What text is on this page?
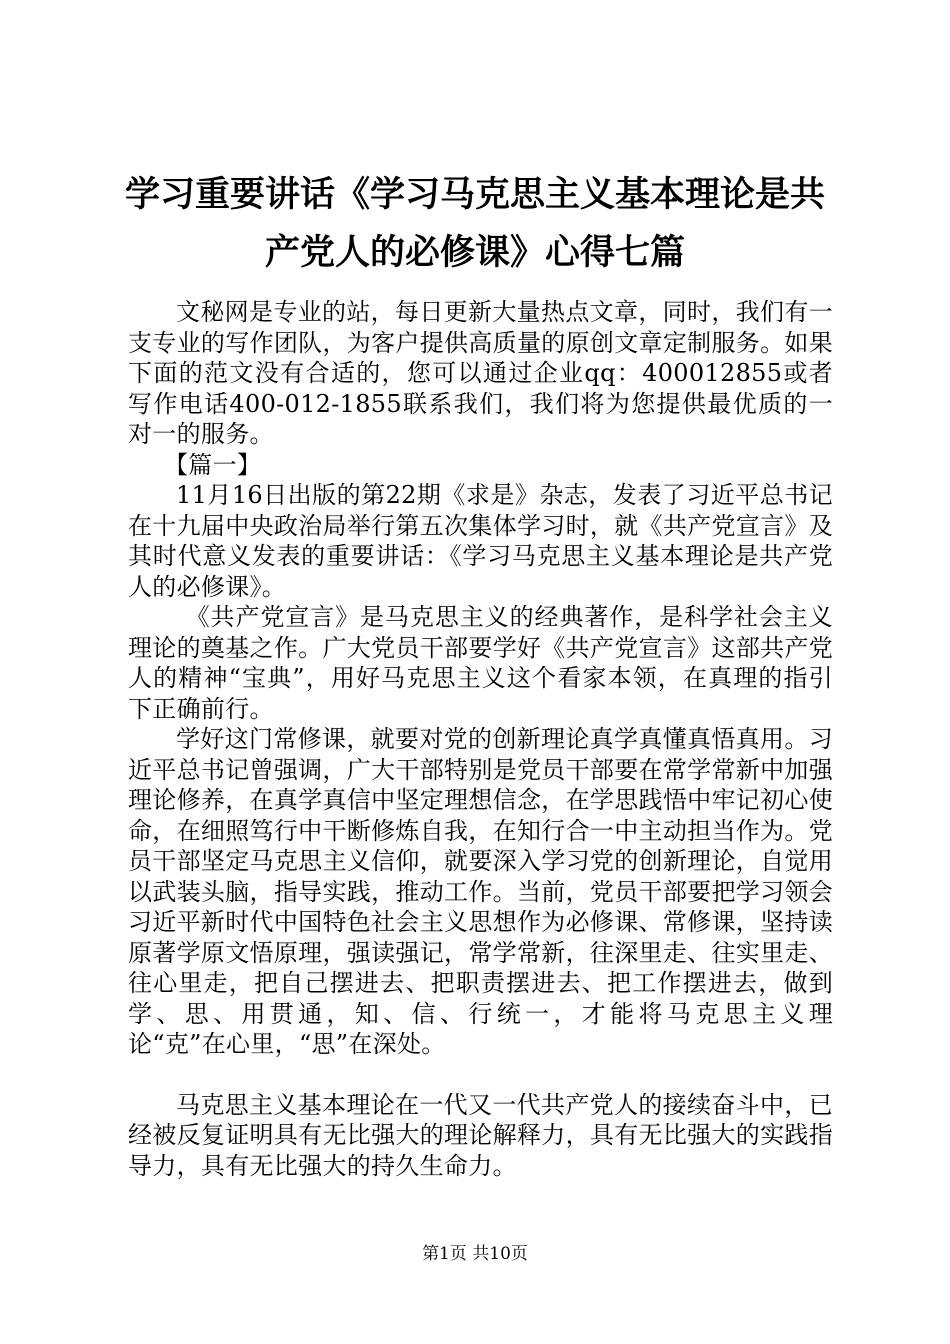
学习重要讲话《学习马克思主义基本理论是共
产党人的必修课》心得七篇

文秘网是专业的站，每日更新大量热点文章，同时，我们有一支专业的写作团队，为客户提供高质量的原创文章定制服务。如果下面的范文没有合适的，您可以通过企业qq：400012855或者写作电话400-012-1855联系我们，我们将为您提供最优质的一对一的服务。

【篇一】

11月16日出版的第22期《求是》杂志，发表了习近平总书记在十九届中央政治局举行第五次集体学习时，就《共产党宣言》及其时代意义发表的重要讲话：《学习马克思主义基本理论是共产党人的必修课》。

《共产党宣言》是马克思主义的经典著作，是科学社会主义理论的奠基之作。广大党员干部要学好《共产党宣言》这部共产党人的精神“宝典”，用好马克思主义这个看家本领，在真理的指引下正确前行。

学好这门常修课，就要对党的创新理论真学真懂真悟真用。习近平总书记曾强调，广大干部特别是党员干部要在常学常新中加强理论修养，在真学真信中坚定理想信念，在学思践悟中牢记初心使命，在细照笃行中干断修炼自我，在知行合一中主动担当作为。党员干部坚定马克思主义信仰，就要深入学习党的创新理论，自觉用以武装头脑，指导实践，推动工作。当前，党员干部要把学习领会习近平新时代中国特色社会主义思想作为必修课、常修课，坚持读原著学原文悟原理，强读强记，常学常新，往深里走、往实里走、往心里走，把自己摆进去、把职责摆进去、把工作摆进去，做到学、思、用贯通，知、信、行统一，才能将马克思主义理论“克”在心里，“思”在深处。

马克思主义基本理论在一代又一代共产党人的接续奋斗中，已经被反复证明具有无比强大的理论解释力，具有无比强大的实践指导力，具有无比强大的持久生命力。

第1页 共10页
